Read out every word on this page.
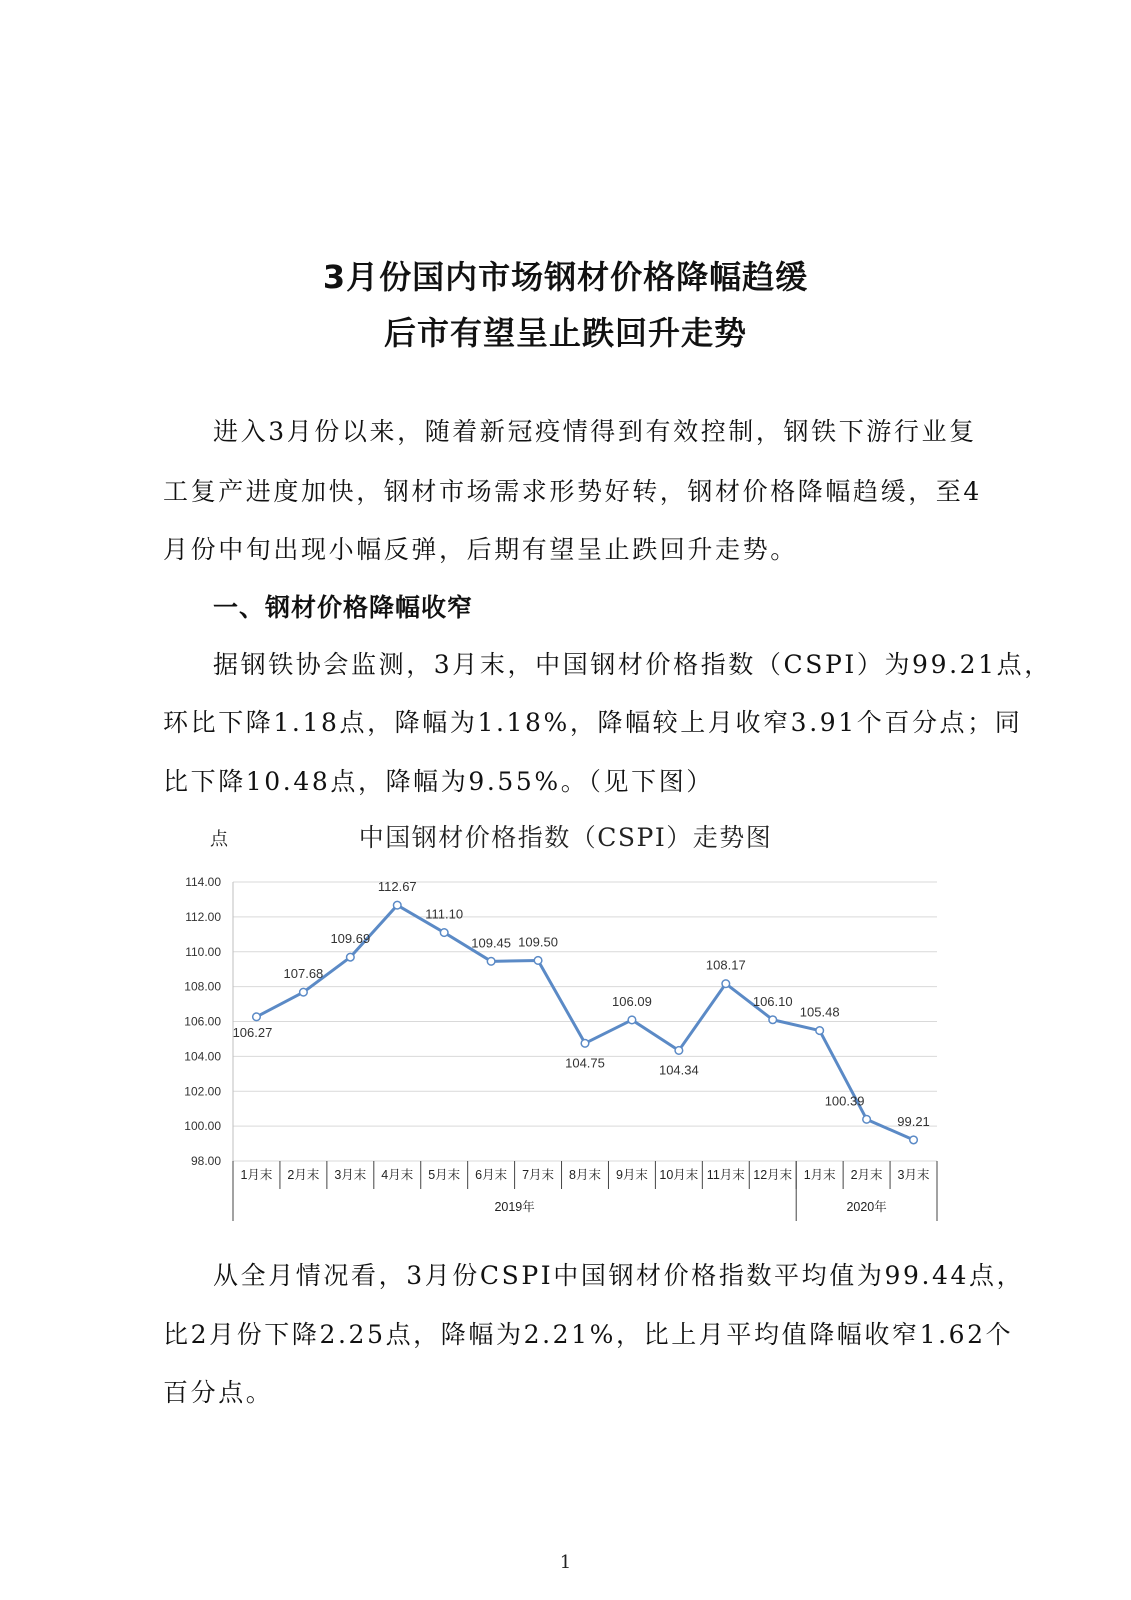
3月份国内市场钢材价格降幅趋缓
后市有望呈止跌回升走势
进入3月份以来，随着新冠疫情得到有效控制，钢铁下游行业复
工复产进度加快，钢材市场需求形势好转，钢材价格降幅趋缓，至4
月份中旬出现小幅反弹，后期有望呈止跌回升走势。
一、钢材价格降幅收窄
据钢铁协会监测，3月末，中国钢材价格指数（CSPI）为99.21点，
环比下降1.18点，降幅为1.18%，降幅较上月收窄3.91个百分点；同
比下降10.48点，降幅为9.55%。（见下图）
点	中国钢材价格指数（CSPI）走势图
114.00
112.00
110.00
108.00
106.00
104.00
102.00
100.00
98.00
1月末 2月末 3月末 4月末 5月末 6月末 7月末 8月末 9月末 10月末 11月末 12月末 1月末 2月末 3月末
2019年	2020年
106.27
107.68
109.69
112.67
111.10
109.45 109.50
104.75
106.09
104.34
108.17
106.10
105.48
100.39
99.21
从全月情况看，3月份CSPI中国钢材价格指数平均值为99.44点，
比2月份下降2.25点，降幅为2.21%，比上月平均值降幅收窄1.62个
百分点。
1
